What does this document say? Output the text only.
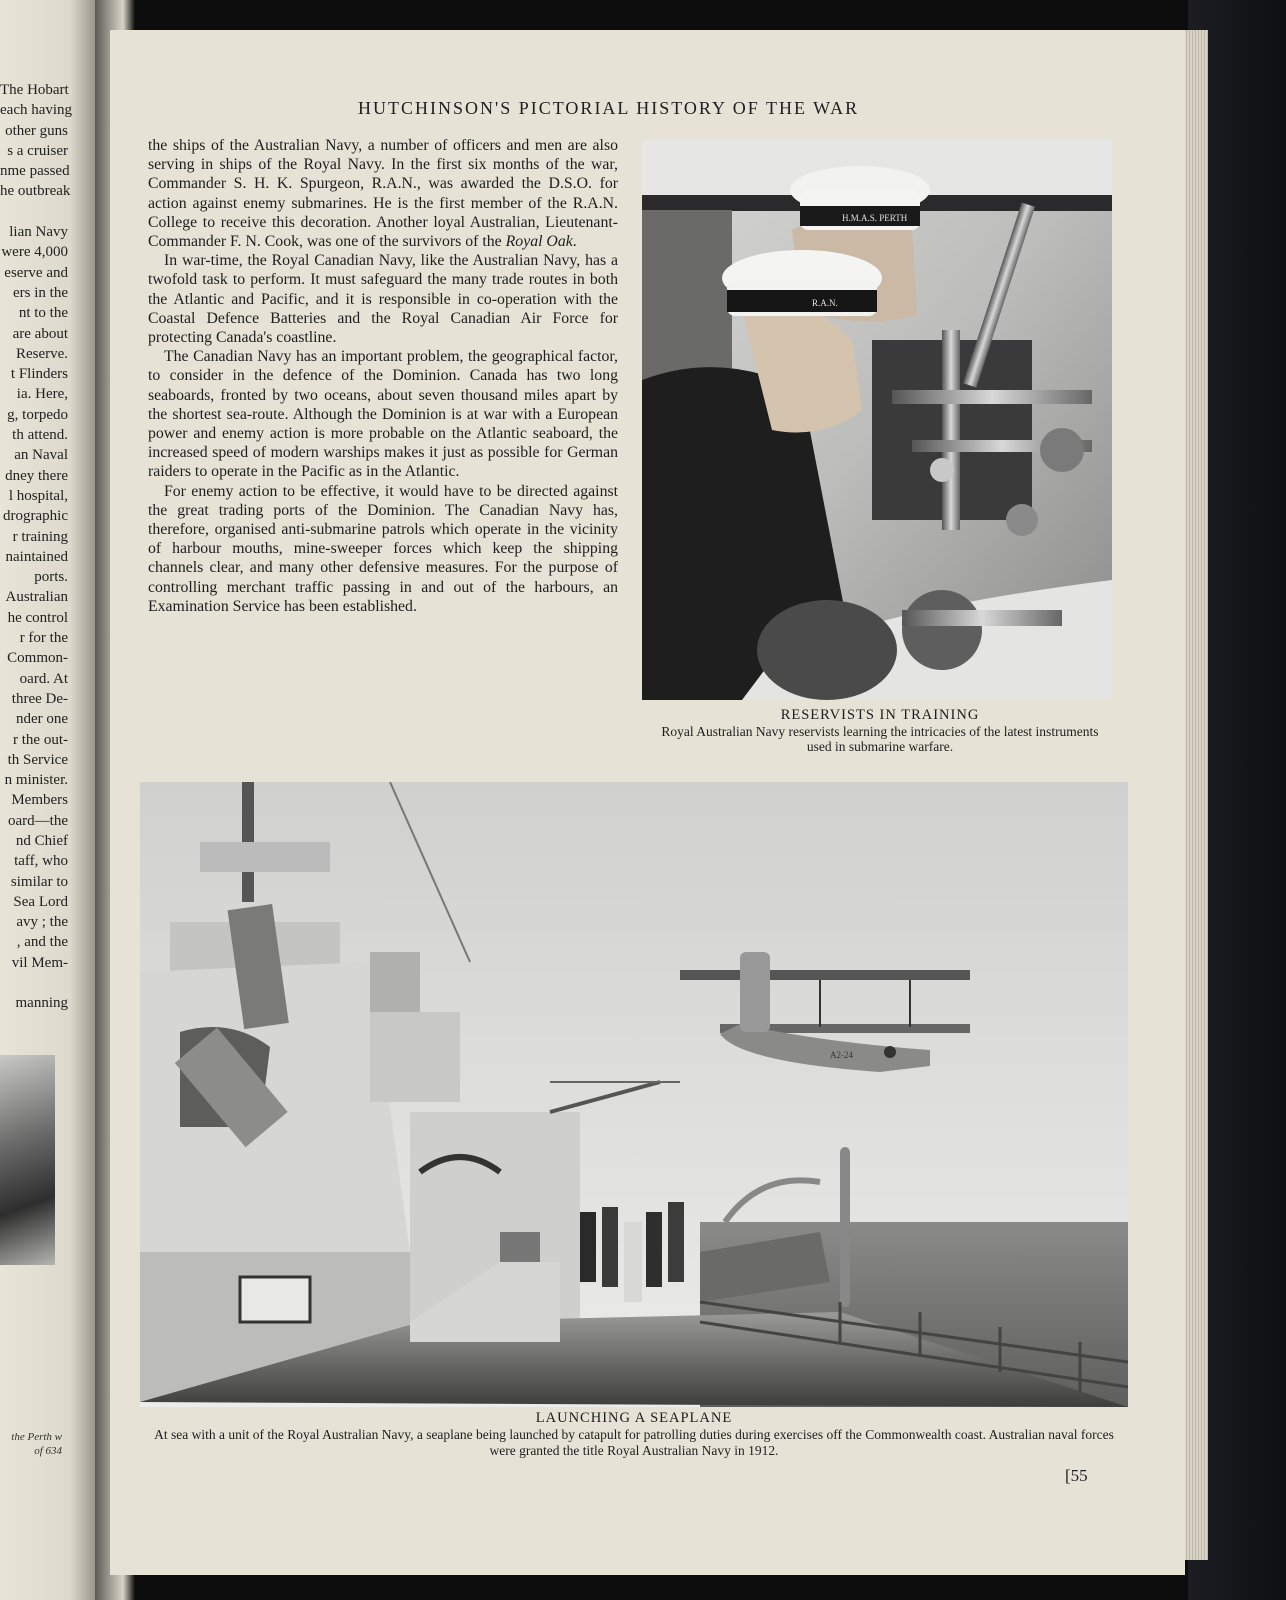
The Hobart
each having
other guns
s a cruiser
nme passed
he outbreak
lian Navy
were 4,000
eserve and
ers in the
nt to the
are about
Reserve.
t Flinders
ia. Here,
g, torpedo
th attend.
an Naval
dney there
l hospital,
drographic
r training
naintained
ports.
Australian
he control
r for the
Common-
oard. At
three De-
nder one
r the out-
th Service
n minister.
Members
oard—the
nd Chief
taff, who
similar to
Sea Lord
avy ; the
, and the
vil Mem-
manning
the Perth w of 634
HUTCHINSON'S PICTORIAL HISTORY OF THE WAR

the ships of the Australian Navy, a number of officers and men are also serving in ships of the Royal Navy. In the first six months of the war, Commander S. H. K. Spurgeon, R.A.N., was awarded the D.S.O. for action against enemy submarines. He is the first member of the R.A.N. College to receive this decoration. Another loyal Australian, Lieutenant-Commander F. N. Cook, was one of the survivors of the Royal Oak.

In war-time, the Royal Canadian Navy, like the Australian Navy, has a twofold task to perform. It must safeguard the many trade routes in both the Atlantic and Pacific, and it is responsible in co-operation with the Coastal Defence Batteries and the Royal Canadian Air Force for protecting Canada's coastline.

The Canadian Navy has an important problem, the geographical factor, to consider in the defence of the Dominion. Canada has two long seaboards, fronted by two oceans, about seven thousand miles apart by the shortest sea-route. Although the Dominion is at war with a European power and enemy action is more probable on the Atlantic seaboard, the increased speed of modern warships makes it just as possible for German raiders to operate in the Pacific as in the Atlantic.

For enemy action to be effective, it would have to be directed against the great trading ports of the Dominion. The Canadian Navy has, therefore, organised anti-submarine patrols which operate in the vicinity of harbour mouths, mine-sweeper forces which keep the shipping channels clear, and many other defensive measures. For the purpose of controlling merchant traffic passing in and out of the harbours, an Examination Service has been established.

H.M.A.S. PERTH
R.A.N.
RESERVISTS IN TRAINING
Royal Australian Navy reservists learning the intricacies of the latest instruments used in submarine warfare.
A2-24
LAUNCHING A SEAPLANE
At sea with a unit of the Royal Australian Navy, a seaplane being launched by catapult for patrolling duties during exercises off the Commonwealth coast. Australian naval forces were granted the title Royal Australian Navy in 1912.
[55
